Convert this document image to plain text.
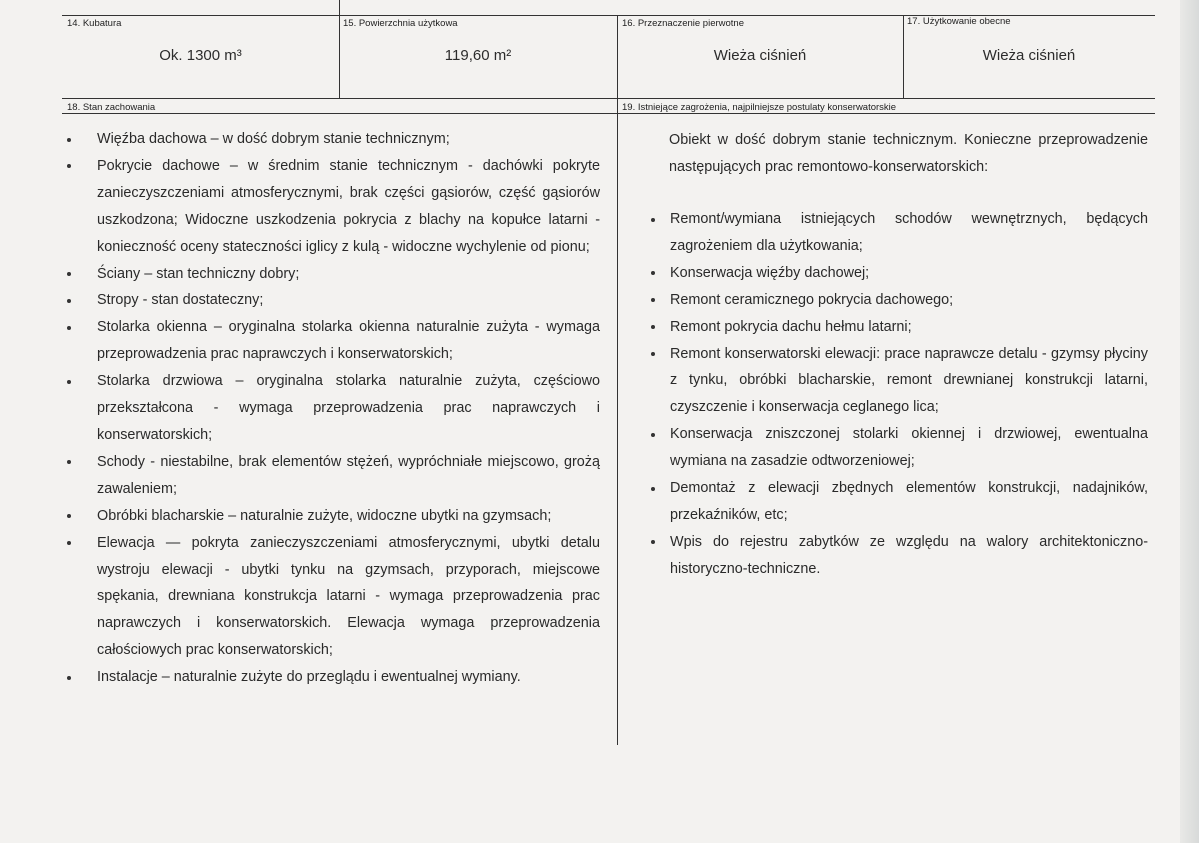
14. Kubatura
Ok. 1300 m³
15. Powierzchnia użytkowa
119,60 m²
16. Przeznaczenie pierwotne
Wieża ciśnień
17. Użytkowanie obecne
Wieża ciśnień
18. Stan zachowania
Więźba dachowa – w dość dobrym stanie technicznym;
Pokrycie dachowe – w średnim stanie technicznym - dachówki pokryte zanieczyszczeniami atmosferycznymi, brak części gąsiorów, część gąsiorów uszkodzona; Widoczne uszkodzenia pokrycia z blachy na kopułce latarni - konieczność oceny stateczności iglicy z kulą - widoczne wychylenie od pionu;
Ściany – stan techniczny dobry;
Stropy - stan dostateczny;
Stolarka okienna – oryginalna stolarka okienna naturalnie zużyta - wymaga przeprowadzenia prac naprawczych i konserwatorskich;
Stolarka drzwiowa – oryginalna stolarka naturalnie zużyta, częściowo przekształcona - wymaga przeprowadzenia prac naprawczych i konserwatorskich;
Schody - niestabilne, brak elementów stężeń, wypróchniałe miejscowo, grożą zawaleniem;
Obróbki blacharskie – naturalnie zużyte, widoczne ubytki na gzymsach;
Elewacja — pokryta zanieczyszczeniami atmosferycznymi, ubytki detalu wystroju elewacji - ubytki tynku na gzymsach, przyporach, miejscowe spękania, drewniana konstrukcja latarni - wymaga przeprowadzenia prac naprawczych i konserwatorskich. Elewacja wymaga przeprowadzenia całościowych prac konserwatorskich;
Instalacje – naturalnie zużyte do przeglądu i ewentualnej wymiany.
19. Istniejące zagrożenia, najpilniejsze postulaty konserwatorskie
Obiekt w dość dobrym stanie technicznym. Konieczne przeprowadzenie następujących prac remontowo-konserwatorskich:
Remont/wymiana istniejących schodów wewnętrznych, będących zagrożeniem dla użytkowania;
Konserwacja więźby dachowej;
Remont ceramicznego pokrycia dachowego;
Remont pokrycia dachu hełmu latarni;
Remont konserwatorski elewacji: prace naprawcze detalu - gzymsy płyciny z tynku, obróbki blacharskie, remont drewnianej konstrukcji latarni, czyszczenie i konserwacja ceglanego lica;
Konserwacja zniszczonej stolarki okiennej i drzwiowej, ewentualna wymiana na zasadzie odtworzeniowej;
Demontaż z elewacji zbędnych elementów konstrukcji, nadajników, przekaźników, etc;
Wpis do rejestru zabytków ze względu na walory architektoniczno-historyczno-techniczne.
